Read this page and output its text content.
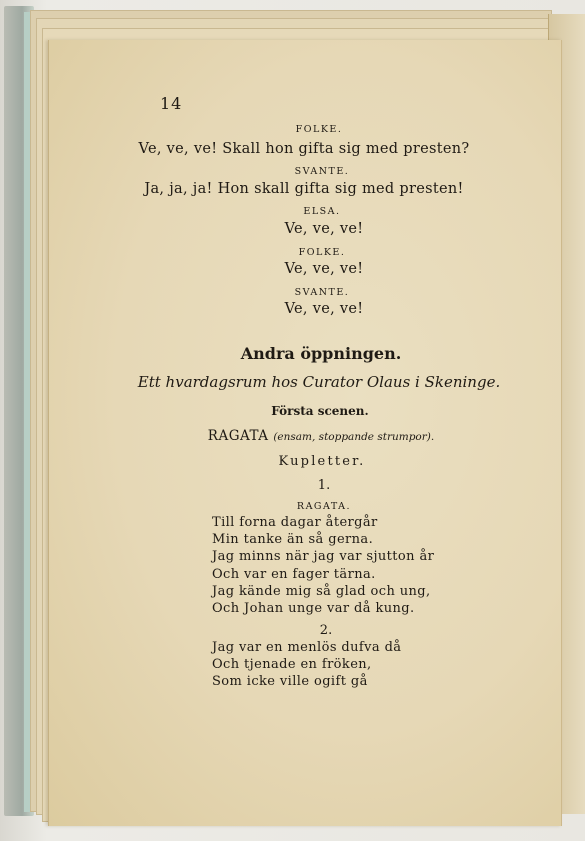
14
FOLKE.
Ve, ve, ve! Skall hon gifta sig med presten?
SVANTE.
Ja, ja, ja! Hon skall gifta sig med presten!
ELSA.
Ve, ve, ve!
FOLKE.
Ve, ve, ve!
SVANTE.
Ve, ve, ve!
Andra öppningen.
Ett hvardagsrum hos Curator Olaus i Skeninge.
Första scenen.
RAGATA (ensam, stoppande strumpor).
Kupletter.
1.
RAGATA.
Till forna dagar återgår
Min tanke än så gerna.
Jag minns när jag var sjutton år
Och var en fager tärna.
Jag kände mig så glad och ung,
Och Johan unge var då kung.
2.
Jag var en menlös dufva då
Och tjenade en fröken,
Som icke ville ogift gå
